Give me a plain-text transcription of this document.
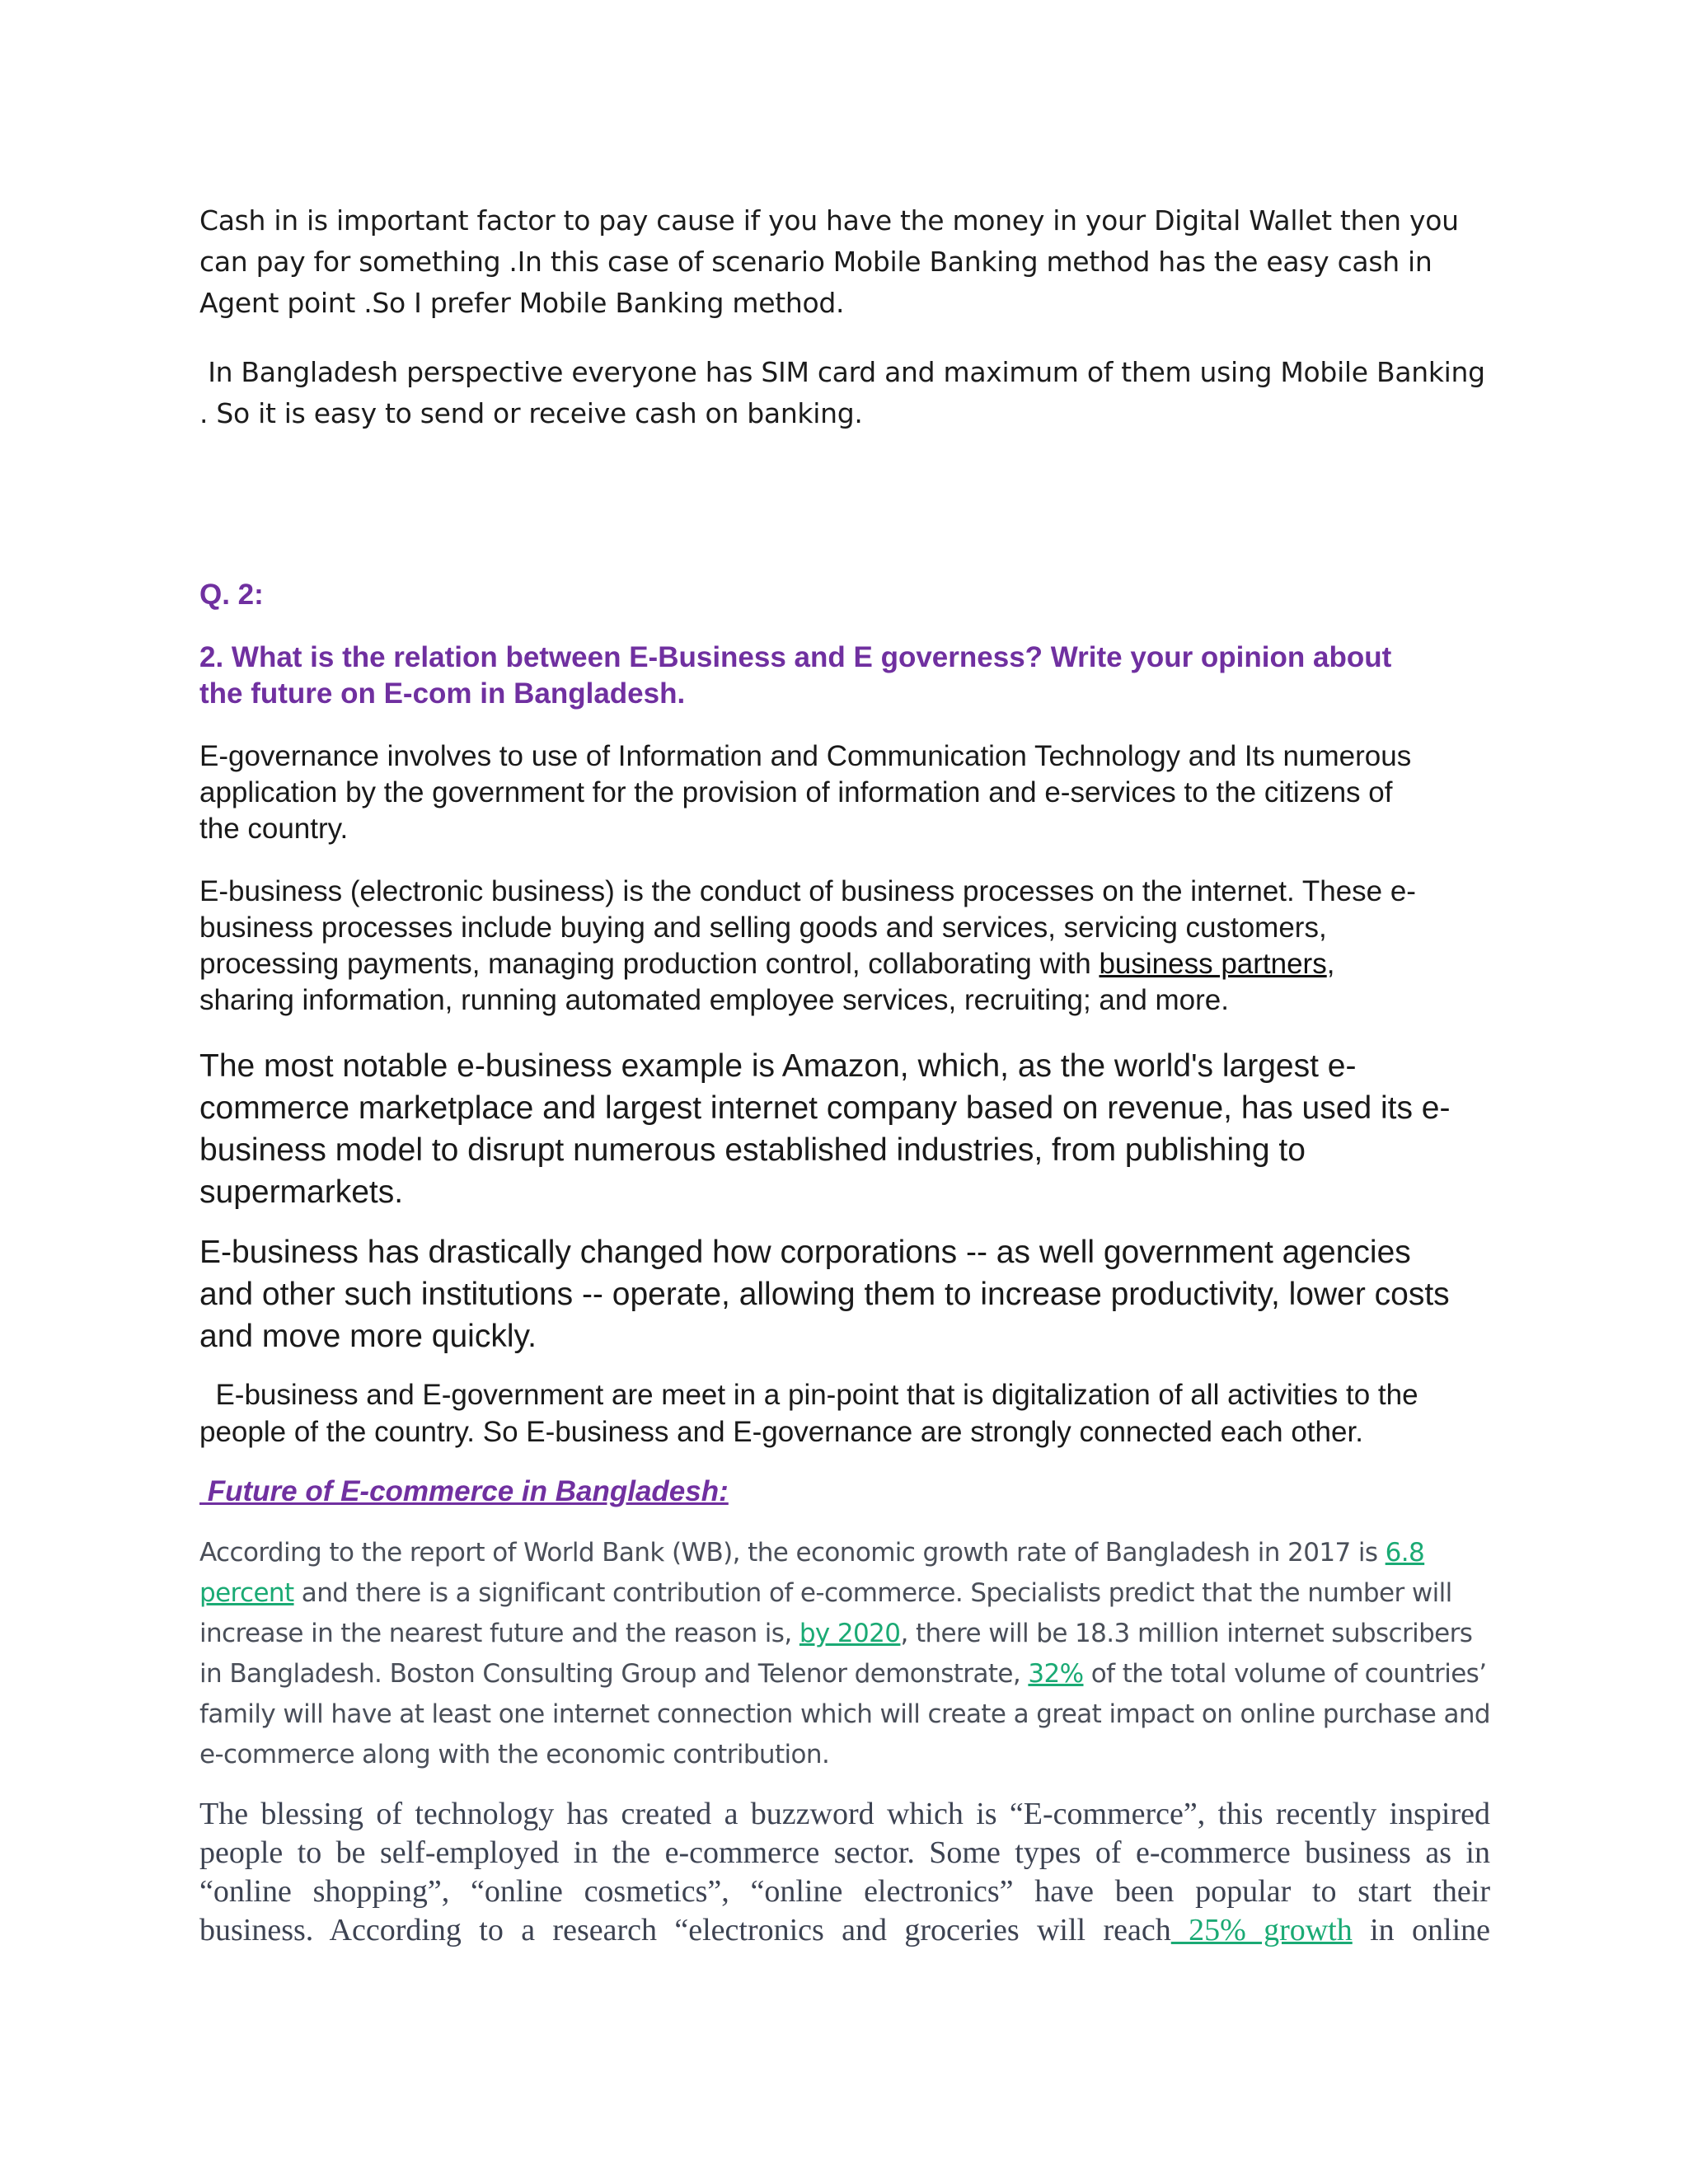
Cash in is important factor to pay cause if you have the money in your Digital Wallet then you

can pay for something .In this case of scenario Mobile Banking method has the easy cash in

Agent point .So I prefer Mobile Banking method.

In Bangladesh perspective everyone has SIM card and maximum of them using Mobile Banking

. So it is easy to send or receive cash on banking.

Q. 2:

2. What is the relation between E-Business and E governess? Write your opinion about

the future on E-com in Bangladesh.

E-governance involves to use of Information and Communication Technology and Its numerous

application by the government for the provision of information and e-services to the citizens of

the country.

E-business (electronic business) is the conduct of business processes on the internet. These e-

business processes include buying and selling goods and services, servicing customers,

processing payments, managing production control, collaborating with business partners,

sharing information, running automated employee services, recruiting; and more.

The most notable e-business example is Amazon, which, as the world's largest e-

commerce marketplace and largest internet company based on revenue, has used its e-

business model to disrupt numerous established industries, from publishing to

supermarkets.

E-business has drastically changed how corporations -- as well government agencies

and other such institutions -- operate, allowing them to increase productivity, lower costs

and move more quickly.

E-business and E-government are meet in a pin-point that is digitalization of all activities to the

people of the country. So E-business and E-governance are strongly connected each other.

Future of E-commerce in Bangladesh:

According to the report of World Bank (WB), the economic growth rate of Bangladesh in 2017 is 6.8

percent and there is a significant contribution of e-commerce. Specialists predict that the number will

increase in the nearest future and the reason is, by 2020, there will be 18.3 million internet subscribers

in Bangladesh. Boston Consulting Group and Telenor demonstrate, 32% of the total volume of countries’

family will have at least one internet connection which will create a great impact on online purchase and

e-commerce along with the economic contribution.

The blessing of technology has created a buzzword which is “E-commerce”, this recently inspired

people to be self-employed in the e-commerce sector. Some types of e-commerce business as in

“online shopping”, “online cosmetics”, “online electronics” have been popular to start their

business. According to a research “electronics and groceries will reach 25% growth in online
